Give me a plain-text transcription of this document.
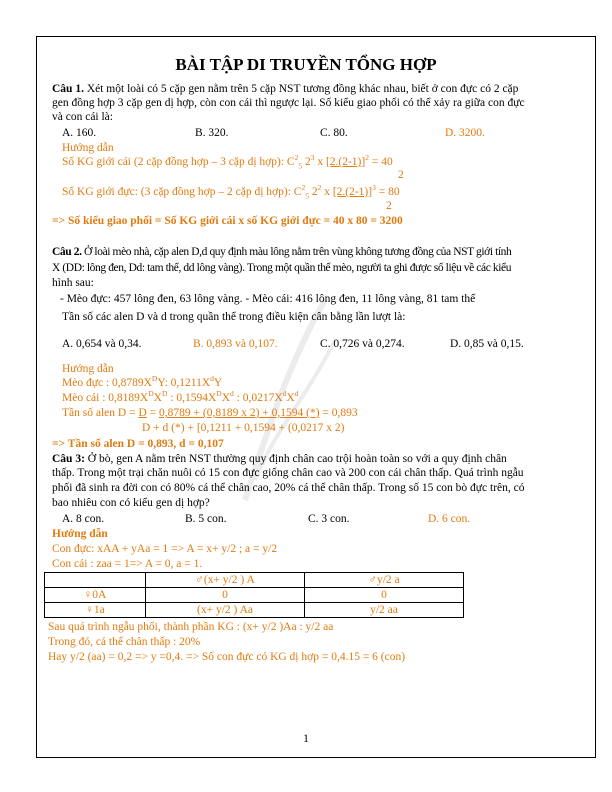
BÀI TẬP DI TRUYỀN TỔNG HỢP
Câu 1. Xét một loài có 5 cặp gen nằm trên 5 cặp NST tương đồng khác nhau, biết ở con đực có 2 cặp
gen đồng hợp 3 cặp gen dị hợp, còn con cái thì ngược lại. Số kiểu giao phối có thể xảy ra giữa con đực
và con cái là:
A. 160.	B. 320.	C. 80.	D. 3200.
Hướng dẫn
Số KG giới cái (2 cặp đồng hợp – 3 cặp dị hợp): $C^2_5$ $2^3$ x $[2.(2-1)]^2 = 40$
2
Số KG giới đực: (3 cặp đồng hợp – 2 cặp dị hợp): $C^2_5$ $2^2$ x $[2.(2-1)]^3 = 80$
2
=> Số kiểu giao phối = Số KG giới cái x số KG giới đực = 40 x 80 = 3200
Câu 2. Ở loài mèo nhà, cặp alen D,d quy định màu lông nằm trên vùng không tương đồng của NST giới tính
X (DD: lông đen, Dd: tam thể, dd lông vàng). Trong một quần thể mèo, người ta ghi được số liệu về các kiểu
hình sau:
- Mèo đực: 457 lông đen, 63 lông vàng. - Mèo cái: 416 lông đen, 11 lông vàng, 81 tam thể
Tần số các alen D và d trong quần thể trong điều kiện cân bằng lần lượt là:
A. 0,654 và 0,34.	B. 0,893 và 0,107.	C. 0,726 và 0,274.	D. 0,85 và 0,15.
Hướng dẫn
Mèo đực : $0,8789X^DY$: $0,1211X^dY$
Mèo cái : $0,8189X^DX^D$ : $0,1594X^DX^d$ : $0,0217X^dX^d$
Tần số alen D = D = 0,8789 + (0,8189 x 2) + 0,1594 (*) = 0,893
D + d (*) + [0,1211 + 0,1594 + (0,0217 x 2)
=> Tần số alen D = 0,893, d = 0,107
Câu 3: Ở bò, gen A nằm trên NST thường quy định chân cao trội hoàn toàn so với a quy định chân
thấp. Trong một trại chăn nuôi có 15 con đực giống chân cao và 200 con cái chân thấp. Quá trình ngẫu
phối đã sinh ra đời con có 80% cá thể chân cao, 20% cá thể chân thấp. Trong số 15 con bò đực trên, có
bao nhiêu con có kiểu gen dị hợp?
A. 8 con.	B. 5 con.	C. 3 con.	D. 6 con.
Hướng dẫn
Con đực: xAA + yAa = 1 => A = x+ y/2 ; a = y/2
Con cái : zaa = 1=> A = 0, a = 1.
	♂(x+ y/2 ) A	♂y/2 a
♀0A	0	0
♀1a	(x+ y/2 ) Aa	y/2 aa
Sau quá trình ngẫu phối, thành phần KG : (x+ y/2 )Aa : y/2 aa
Trong đó, cá thể chân thấp : 20%
Hay y/2 (aa) = 0,2 => y =0,4. => Số con đực có KG dị hợp = 0,4.15 = 6 (con)
1
